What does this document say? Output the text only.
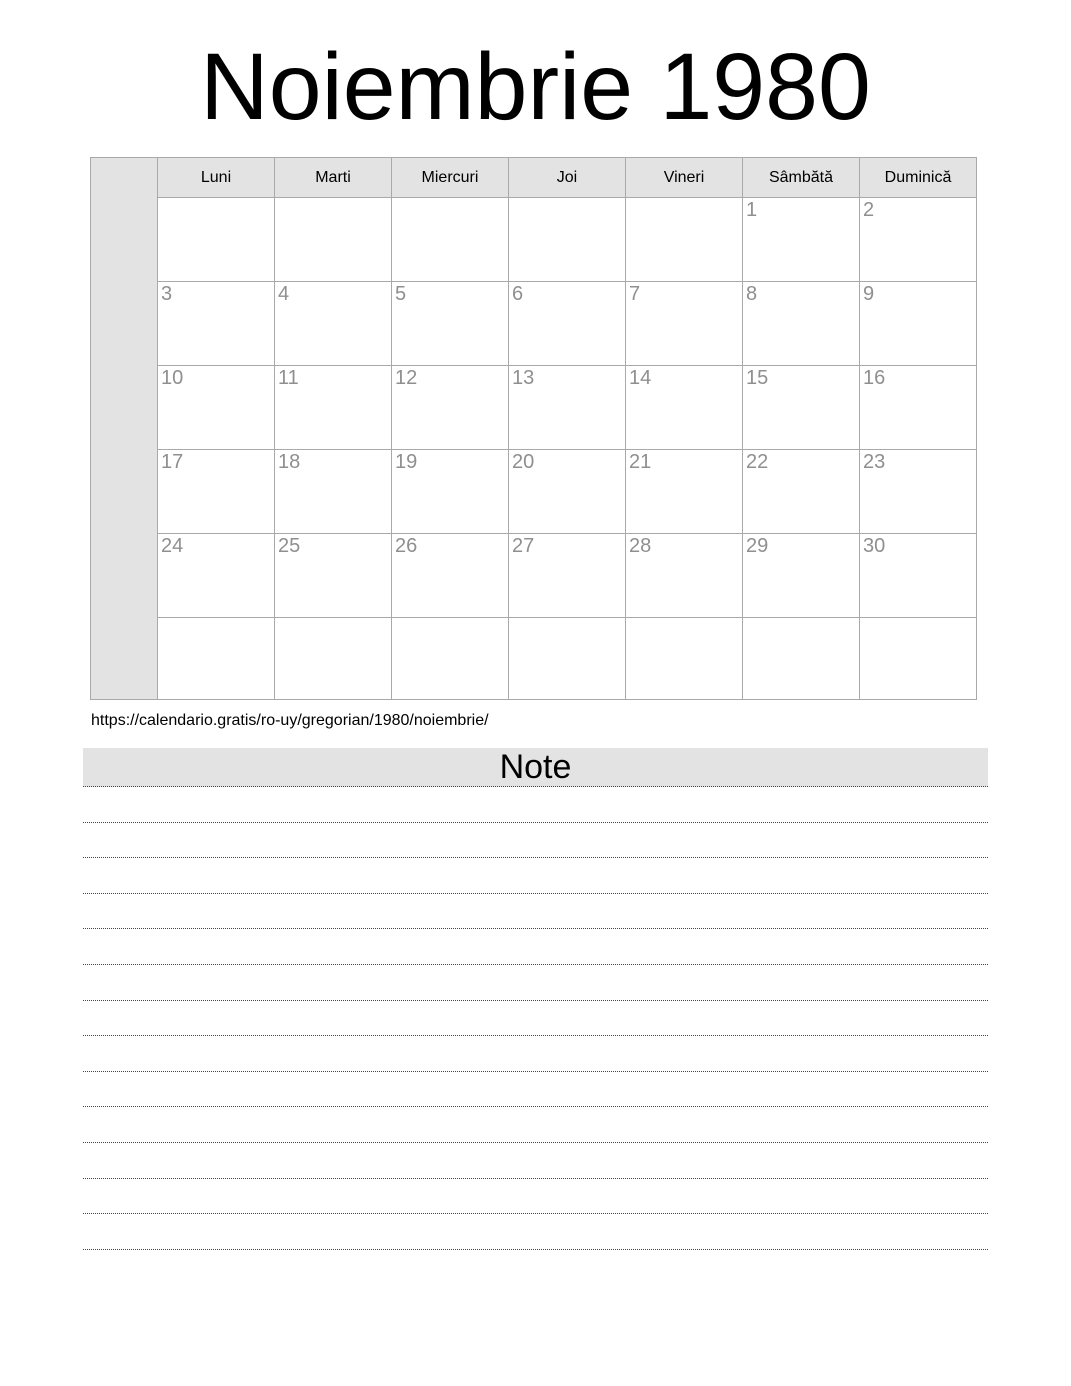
Noiembrie 1980
	Luni	Marti	Miercuri	Joi	Vineri	Sâmbătă	Duminică
						1	2
	3	4	5	6	7	8	9
	10	11	12	13	14	15	16
	17	18	19	20	21	22	23
	24	25	26	27	28	29	30

https://calendario.gratis/ro-uy/gregorian/1980/noiembrie/
Note
